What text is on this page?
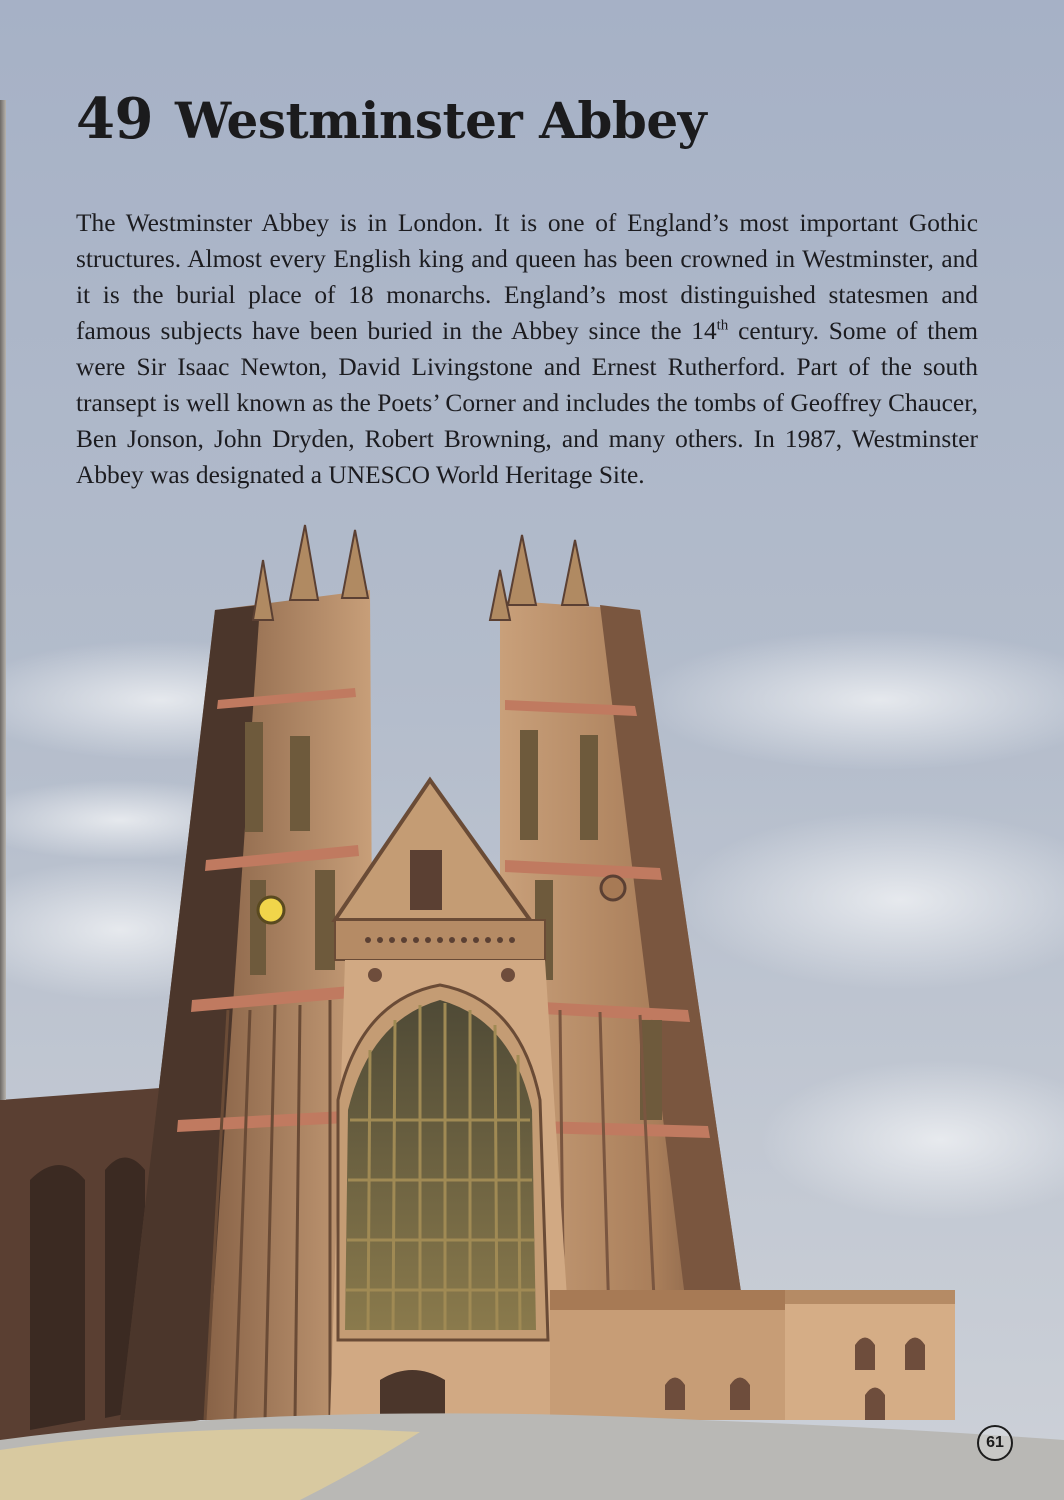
49 Westminster Abbey

The Westminster Abbey is in London. It is one of England’s most important Gothic structures. Almost every English king and queen has been crowned in Westminster, and it is the burial place of 18 monarchs. England’s most distinguished statesmen and famous subjects have been buried in the Abbey since the 14th century. Some of them were Sir Isaac Newton, David Livingstone and Ernest Rutherford. Part of the south transept is well known as the Poets’ Corner and includes the tombs of Geoffrey Chaucer, Ben Jonson, John Dryden, Robert Browning, and many others. In 1987, Westminster Abbey was designated a UNESCO World Heritage Site.

61
